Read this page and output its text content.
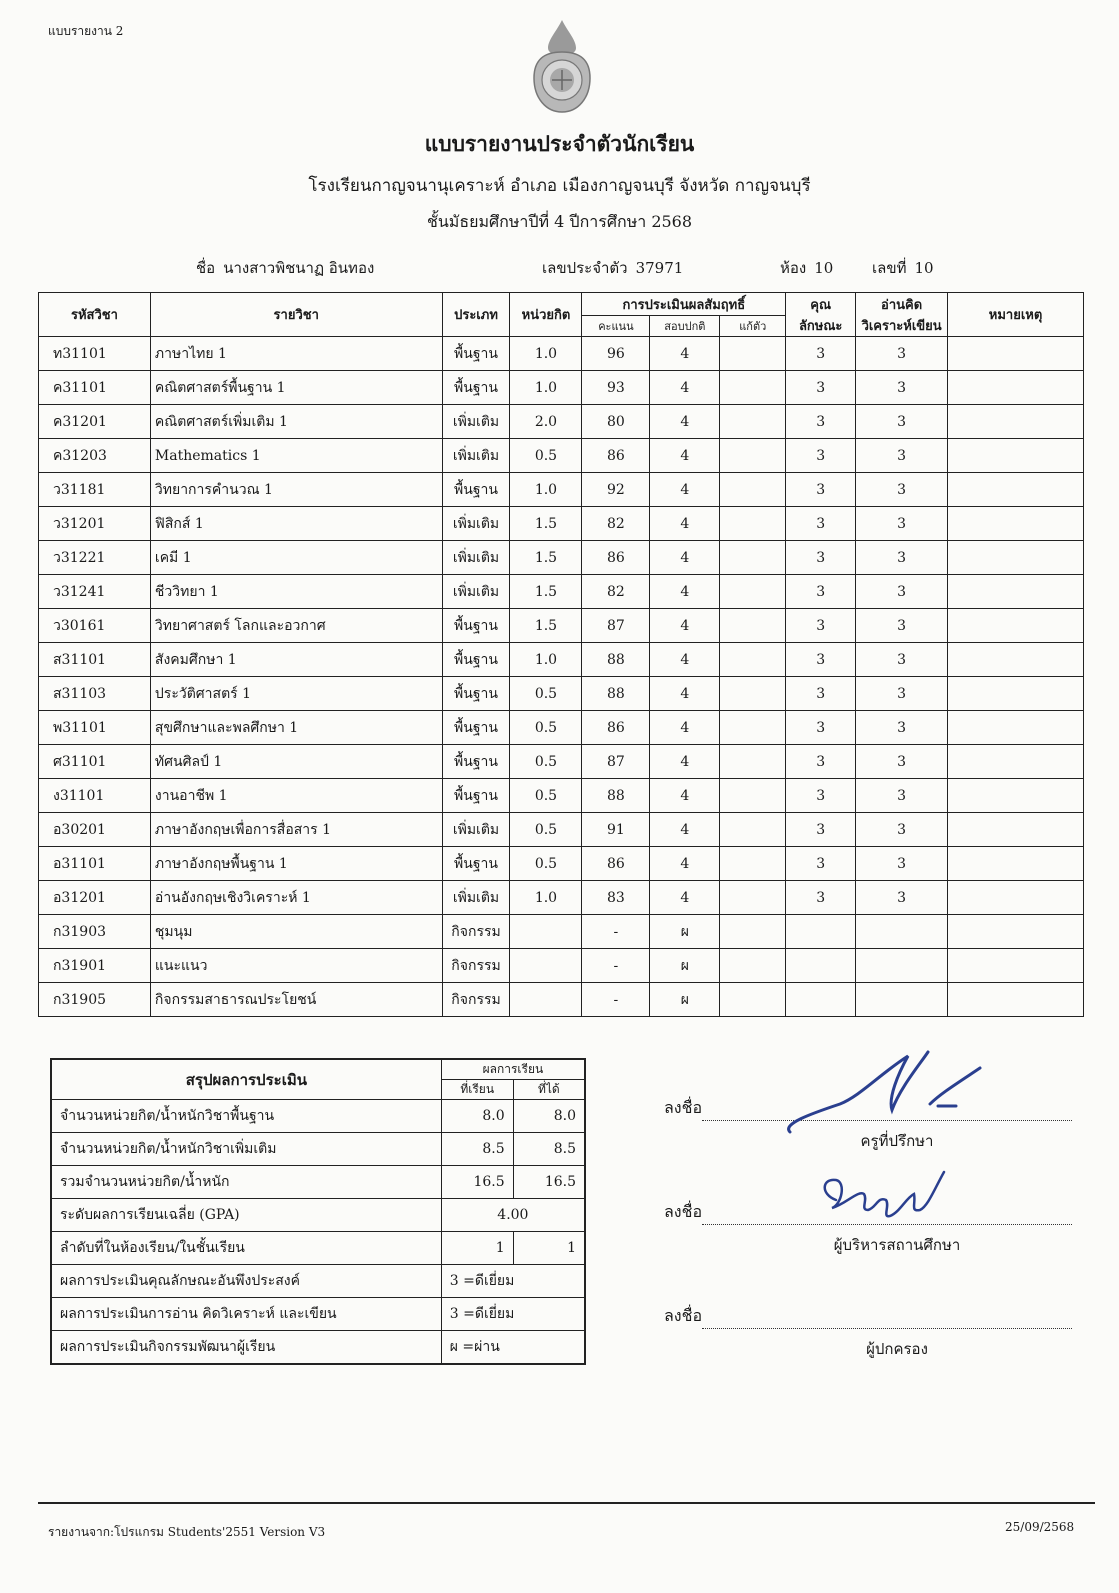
แบบรายงาน 2
แบบรายงานประจำตัวนักเรียน
โรงเรียนกาญจนานุเคราะห์ อำเภอ เมืองกาญจนบุรี จังหวัด กาญจนบุรี
ชั้นมัธยมศึกษาปีที่ 4 ปีการศึกษา 2568
ชื่อ นางสาวพิชนาฏ อินทอง	เลขประจำตัว 37971	ห้อง 10	เลขที่ 10
รหัสวิชา	รายวิชา	ประเภท	หน่วยกิต	การประเมินผลสัมฤทธิ์			คุณ ลักษณะ	อ่านคิด
วิเคราะห์เขียน	หมายเหตุ
				คะแนน	สอบปกติ	แก้ตัว			
ท31101	ภาษาไทย 1	พื้นฐาน	1.0	96	4		3	3	
ค31101	คณิตศาสตร์พื้นฐาน 1	พื้นฐาน	1.0	93	4		3	3	
ค31201	คณิตศาสตร์เพิ่มเติม 1	เพิ่มเติม	2.0	80	4		3	3	
ค31203	Mathematics 1	เพิ่มเติม	0.5	86	4		3	3	
ว31181	วิทยาการคำนวณ 1	พื้นฐาน	1.0	92	4		3	3	
ว31201	ฟิสิกส์ 1	เพิ่มเติม	1.5	82	4		3	3	
ว31221	เคมี 1	เพิ่มเติม	1.5	86	4		3	3	
ว31241	ชีววิทยา 1	เพิ่มเติม	1.5	82	4		3	3	
ว30161	วิทยาศาสตร์ โลกและอวกาศ	พื้นฐาน	1.5	87	4		3	3	
ส31101	สังคมศึกษา 1	พื้นฐาน	1.0	88	4		3	3	
ส31103	ประวัติศาสตร์ 1	พื้นฐาน	0.5	88	4		3	3	
พ31101	สุขศึกษาและพลศึกษา 1	พื้นฐาน	0.5	86	4		3	3	
ศ31101	ทัศนศิลป์ 1	พื้นฐาน	0.5	87	4		3	3	
ง31101	งานอาชีพ 1	พื้นฐาน	0.5	88	4		3	3	
อ30201	ภาษาอังกฤษเพื่อการสื่อสาร 1	เพิ่มเติม	0.5	91	4		3	3	
อ31101	ภาษาอังกฤษพื้นฐาน 1	พื้นฐาน	0.5	86	4		3	3	
อ31201	อ่านอังกฤษเชิงวิเคราะห์ 1	เพิ่มเติม	1.0	83	4		3	3	
ก31903	ชุมนุม	กิจกรรม		-	ผ				
ก31901	แนะแนว	กิจกรรม		-	ผ				
ก31905	กิจกรรมสาธารณประโยชน์	กิจกรรม		-	ผ				
สรุปผลการประเมิน	ผลการเรียน	
	ที่เรียน	ที่ได้
จำนวนหน่วยกิต/น้ำหนักวิชาพื้นฐาน	8.0	8.0
จำนวนหน่วยกิต/น้ำหนักวิชาเพิ่มเติม	8.5	8.5
รวมจำนวนหน่วยกิต/น้ำหนัก	16.5	16.5
ระดับผลการเรียนเฉลี่ย (GPA)	4.00	
ลำดับที่ในห้องเรียน/ในชั้นเรียน	1	1
ผลการประเมินคุณลักษณะอันพึงประสงค์	3 =ดีเยี่ยม	
ผลการประเมินการอ่าน คิดวิเคราะห์ และเขียน	3 =ดีเยี่ยม	
ผลการประเมินกิจกรรมพัฒนาผู้เรียน	ผ =ผ่าน	
ลงชื่อ
ครูที่ปรึกษา
ลงชื่อ
ผู้บริหารสถานศึกษา
ลงชื่อ
ผู้ปกครอง
รายงานจาก:โปรแกรม Students'2551 Version V3	25/09/2568
